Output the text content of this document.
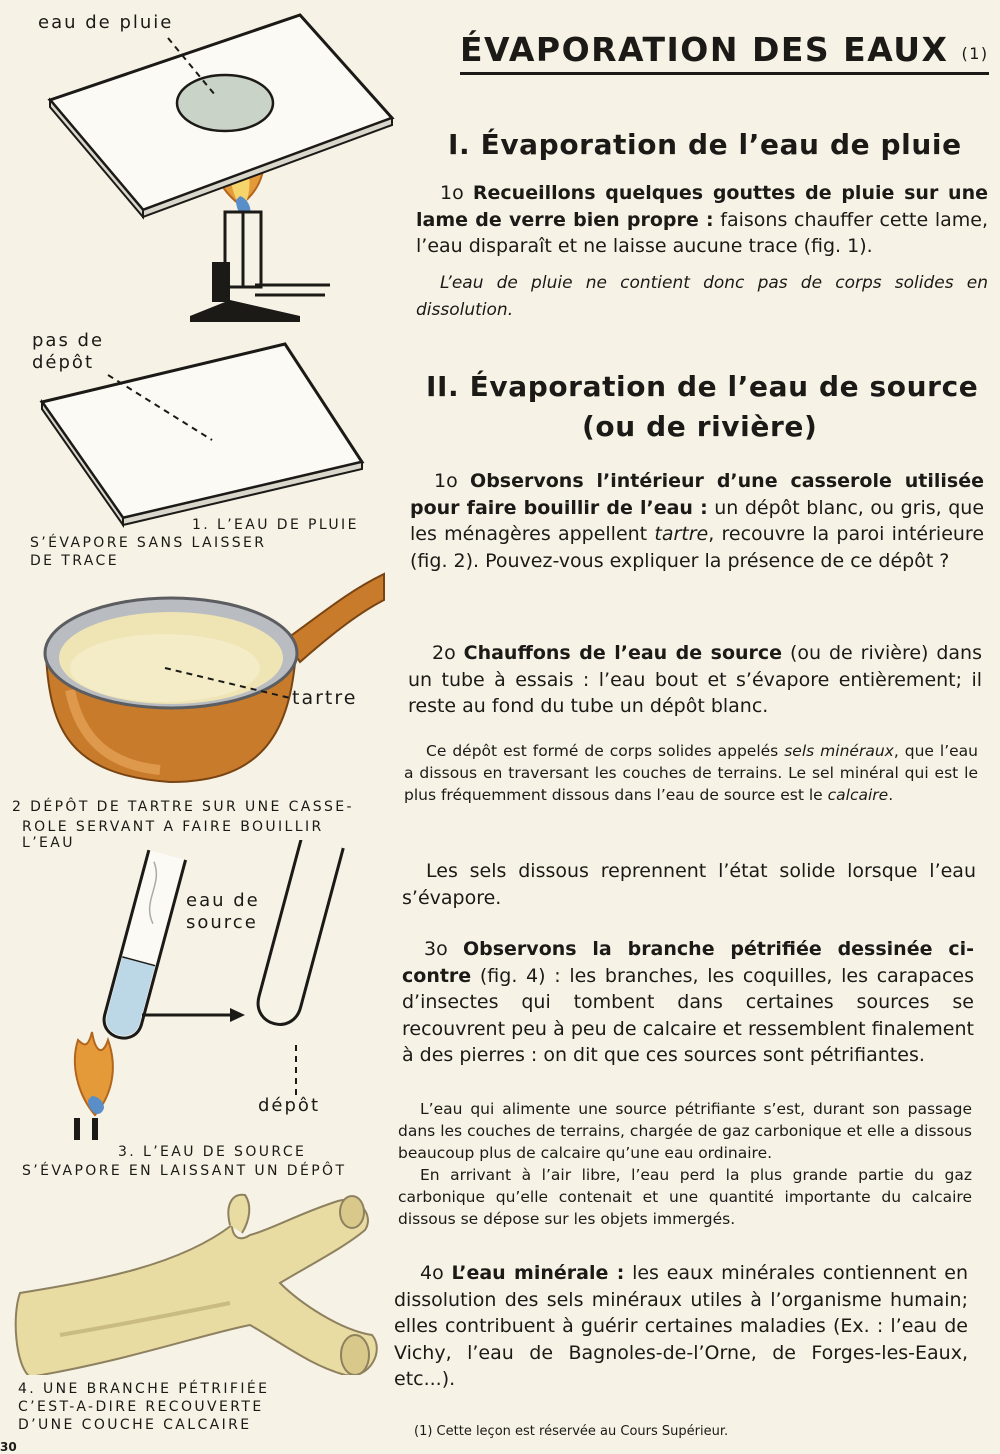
eau de pluie
pas de
dépôt
1. L’EAU DE PLUIE
S’ÉVAPORE SANS LAISSER
DE TRACE
tartre
2 DÉPÔT DE TARTRE SUR UNE CASSE-
ROLE SERVANT A FAIRE BOUILLIR
L’EAU
eau de
source
dépôt
3. L’EAU DE SOURCE
S’ÉVAPORE EN LAISSANT UN DÉPÔT
4. UNE BRANCHE PÉTRIFIÉE
C’EST-A-DIRE RECOUVERTE
D’UNE COUCHE CALCAIRE
ÉVAPORATION DES EAUX $^{(1)}$
I. Évaporation de l’eau de pluie
1o Recueillons quelques gouttes de pluie sur une lame de verre bien propre : faisons chauffer cette lame, l’eau disparaît et ne laisse aucune trace (fig. 1).
L’eau de pluie ne contient donc pas de corps solides en dissolution.
II. Évaporation de l’eau de source
(ou de rivière)
1o Observons l’intérieur d’une casserole utilisée pour faire bouillir de l’eau : un dépôt blanc, ou gris, que les ménagères appellent tartre, recouvre la paroi intérieure (fig. 2). Pouvez-vous expliquer la présence de ce dépôt ?
2o Chauffons de l’eau de source (ou de rivière) dans un tube à essais : l’eau bout et s’évapore entièrement; il reste au fond du tube un dépôt blanc.
Ce dépôt est formé de corps solides appelés sels minéraux, que l’eau a dissous en traversant les couches de terrains. Le sel minéral qui est le plus fréquemment dissous dans l’eau de source est le calcaire.
Les sels dissous reprennent l’état solide lorsque l’eau s’évapore.
3o Observons la branche pétrifiée dessinée ci-contre (fig. 4) : les branches, les coquilles, les carapaces d’insectes qui tombent dans certaines sources se recouvrent peu à peu de calcaire et ressemblent finalement à des pierres : on dit que ces sources sont pétrifiantes.
L’eau qui alimente une source pétrifiante s’est, durant son passage dans les couches de terrains, chargée de gaz carbonique et elle a dissous beaucoup plus de calcaire qu’une eau ordinaire.
En arrivant à l’air libre, l’eau perd la plus grande partie du gaz carbonique qu’elle contenait et une quantité importante du calcaire dissous se dépose sur les objets immergés.
4o L’eau minérale : les eaux minérales contiennent en dissolution des sels minéraux utiles à l’organisme humain; elles contribuent à guérir certaines maladies (Ex. : l’eau de Vichy, l’eau de Bagnoles-de-l’Orne, de Forges-les-Eaux, etc...).
(1) Cette leçon est réservée au Cours Supérieur.
30
